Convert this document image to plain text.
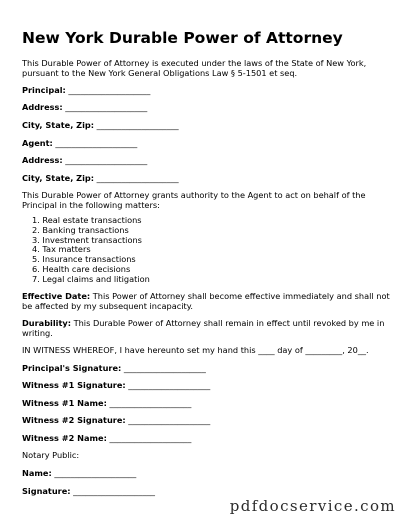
New York Durable Power of Attorney
This Durable Power of Attorney is executed under the laws of the State of New York,
pursuant to the New York General Obligations Law § 5-1501 et seq.
Principal: ____________________
Address: ____________________
City, State, Zip: ____________________
Agent: ____________________
Address: ____________________
City, State, Zip: ____________________
This Durable Power of Attorney grants authority to the Agent to act on behalf of the
Principal in the following matters:
1. Real estate transactions
2. Banking transactions
3. Investment transactions
4. Tax matters
5. Insurance transactions
6. Health care decisions
7. Legal claims and litigation
Effective Date: This Power of Attorney shall become effective immediately and shall not
be affected by my subsequent incapacity.
Durability: This Durable Power of Attorney shall remain in effect until revoked by me in
writing.
IN WITNESS WHEREOF, I have hereunto set my hand this ____ day of _________, 20__.
Principal's Signature: ____________________
Witness #1 Signature: ____________________
Witness #1 Name: ____________________
Witness #2 Signature: ____________________
Witness #2 Name: ____________________
Notary Public:
Name: ____________________
Signature: ____________________
pdfdocservice.com
